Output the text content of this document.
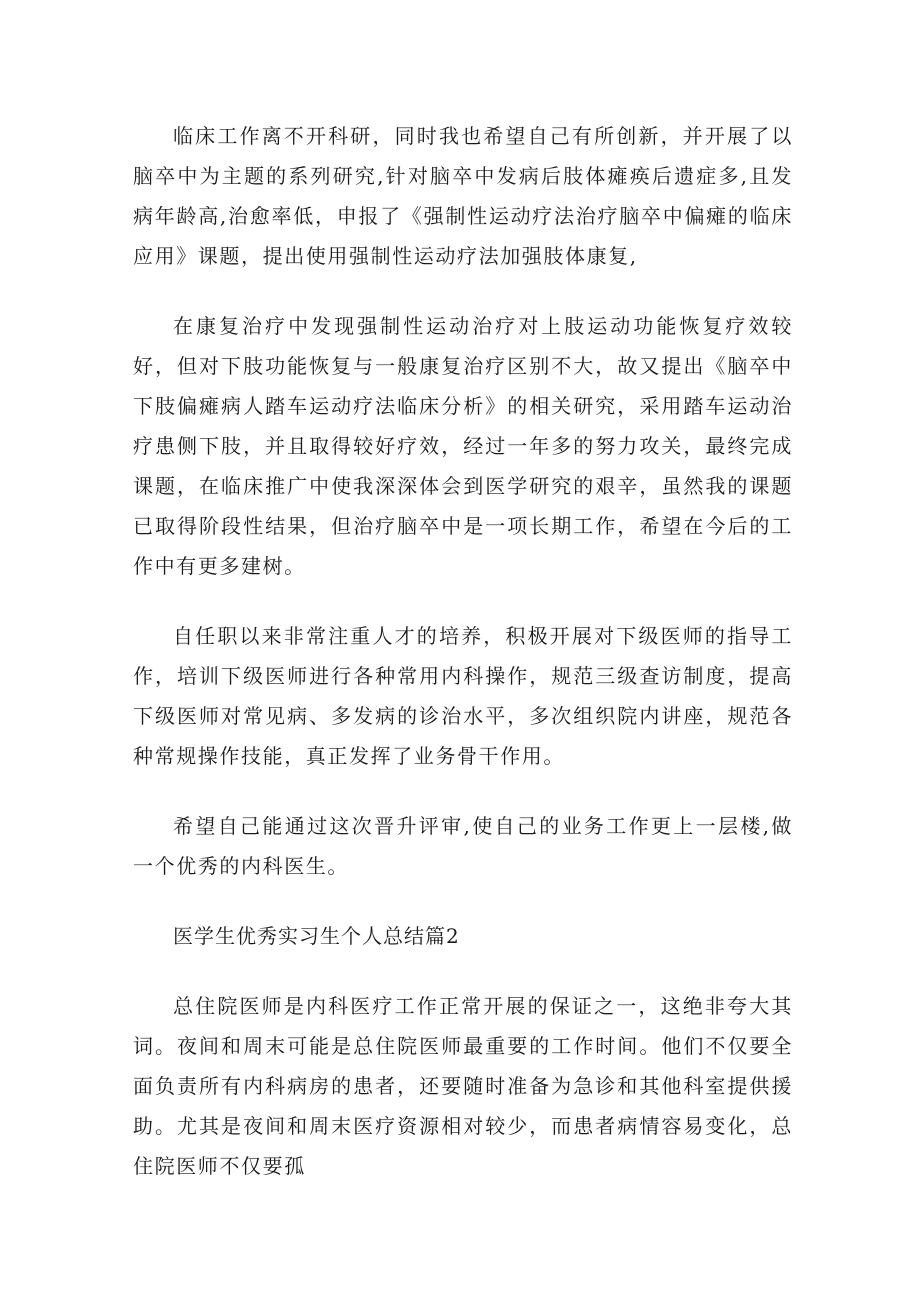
临床工作离不开科研，同时我也希望自己有所创新，并开展了以脑卒中为主题的系列研究,针对脑卒中发病后肢体瘫痪后遗症多,且发病年龄高,治愈率低，申报了《强制性运动疗法治疗脑卒中偏瘫的临床应用》课题，提出使用强制性运动疗法加强肢体康复,

在康复治疗中发现强制性运动治疗对上肢运动功能恢复疗效较好，但对下肢功能恢复与一般康复治疗区别不大，故又提出《脑卒中下肢偏瘫病人踏车运动疗法临床分析》的相关研究，采用踏车运动治疗患侧下肢，并且取得较好疗效，经过一年多的努力攻关，最终完成课题，在临床推广中使我深深体会到医学研究的艰辛，虽然我的课题已取得阶段性结果，但治疗脑卒中是一项长期工作，希望在今后的工作中有更多建树。

自任职以来非常注重人才的培养，积极开展对下级医师的指导工作，培训下级医师进行各种常用内科操作，规范三级查访制度，提高下级医师对常见病、多发病的诊治水平，多次组织院内讲座，规范各种常规操作技能，真正发挥了业务骨干作用。

希望自己能通过这次晋升评审,使自己的业务工作更上一层楼,做一个优秀的内科医生。

医学生优秀实习生个人总结篇2

总住院医师是内科医疗工作正常开展的保证之一，这绝非夸大其词。夜间和周末可能是总住院医师最重要的工作时间。他们不仅要全面负责所有内科病房的患者，还要随时准备为急诊和其他科室提供援助。尤其是夜间和周末医疗资源相对较少，而患者病情容易变化，总住院医师不仅要孤
